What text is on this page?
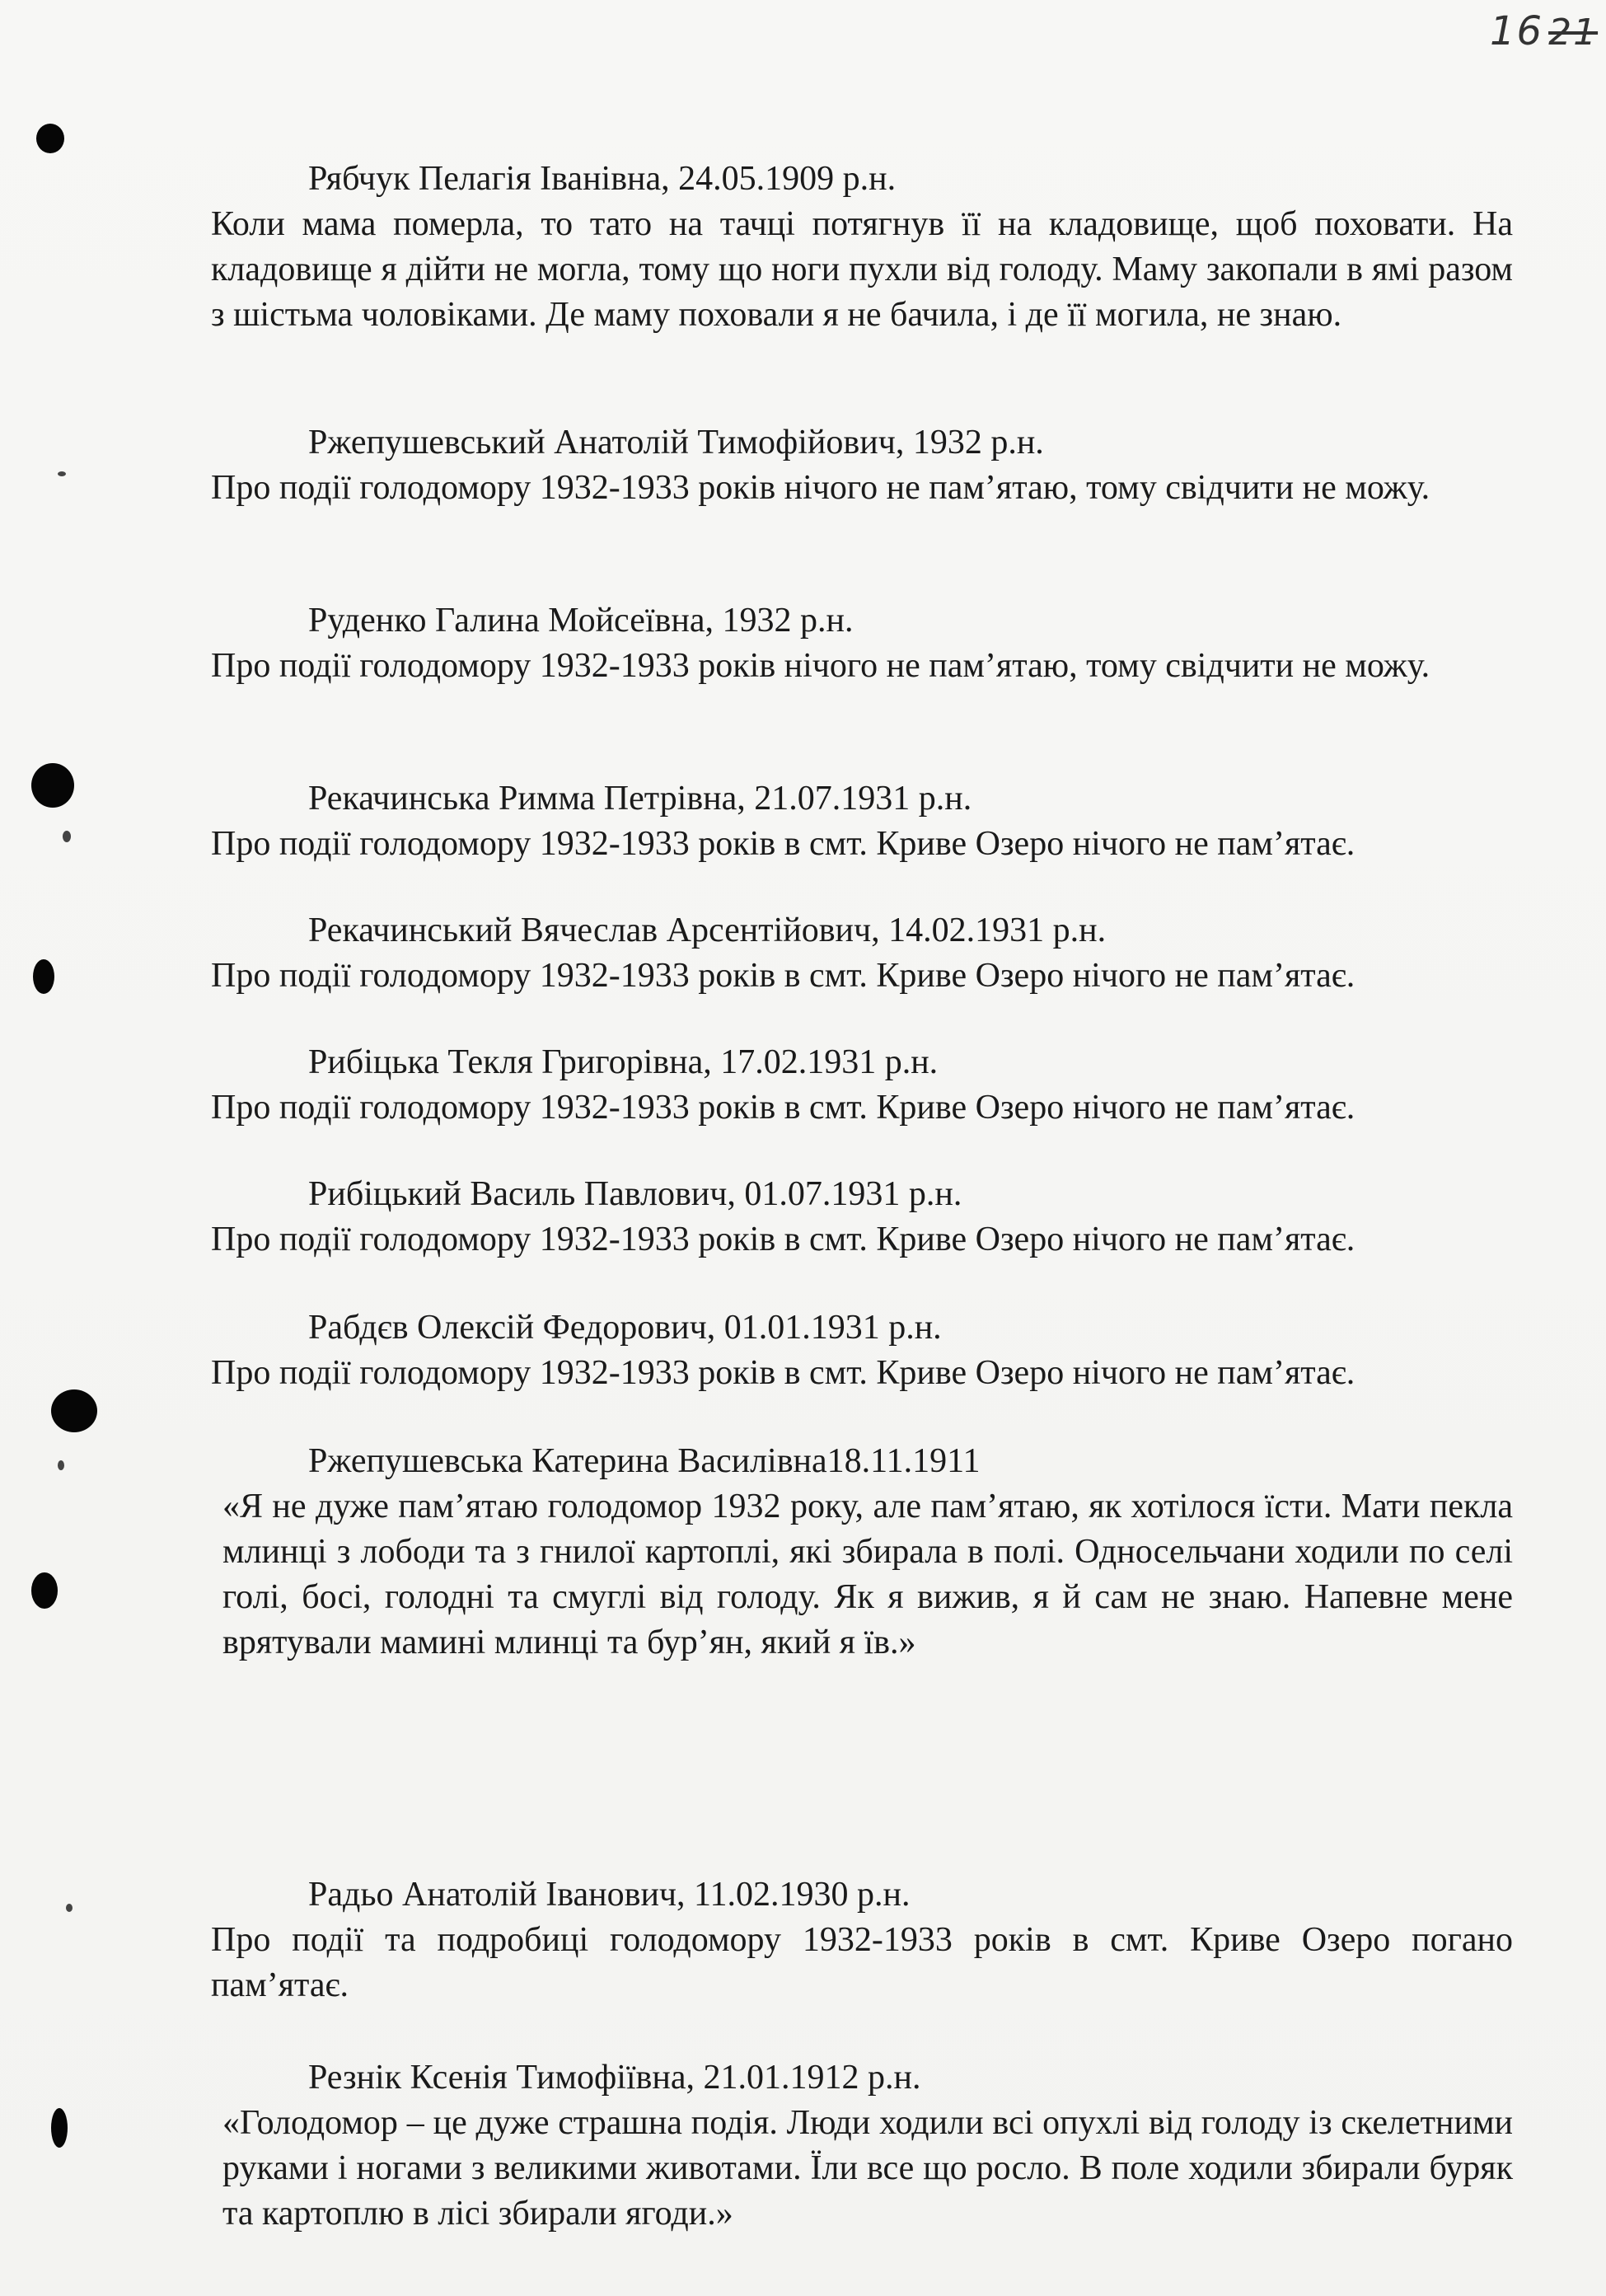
16 21
Рябчук Пелагія Іванівна, 24.05.1909 р.н.
Коли мама померла, то тато на тачці потягнув її на кладовище, щоб поховати. На кладовище я дійти не могла, тому що ноги пухли від голоду. Маму закопали в ямі разом з шістьма чоловіками. Де маму поховали я не бачила, і де її могила, не знаю.
Ржепушевський Анатолій Тимофійович, 1932 р.н.
Про події голодомору 1932-1933 років нічого не пам’ятаю, тому свідчити не можу.
Руденко Галина Мойсеївна, 1932 р.н.
Про події голодомору 1932-1933 років нічого не пам’ятаю, тому свідчити не можу.
Рекачинська Римма Петрівна, 21.07.1931 р.н.
Про події голодомору 1932-1933 років в смт. Криве Озеро нічого не пам’ятає.
Рекачинський Вячеслав Арсентійович, 14.02.1931 р.н.
Про події голодомору 1932-1933 років в смт. Криве Озеро нічого не пам’ятає.
Рибіцька Текля Григорівна, 17.02.1931 р.н.
Про події голодомору 1932-1933 років в смт. Криве Озеро нічого не пам’ятає.
Рибіцький Василь Павлович, 01.07.1931 р.н.
Про події голодомору 1932-1933 років в смт. Криве Озеро нічого не пам’ятає.
Рабдєв Олексій Федорович, 01.01.1931 р.н.
Про події голодомору 1932-1933 років в смт. Криве Озеро нічого не пам’ятає.
Ржепушевська Катерина Василівна18.11.1911
«Я не дуже пам’ятаю голодомор 1932 року, але пам’ятаю, як хотілося їсти. Мати пекла млинці з лободи та з гнилої картоплі, які збирала в полі. Односельчани ходили по селі голі, босі, голодні та смуглі від голоду. Як я вижив, я й сам не знаю. Напевне мене врятували мамині млинці та бур’ян, який я їв.»
Радьо Анатолій Іванович, 11.02.1930 р.н.
Про події та подробиці голодомору 1932-1933 років в смт. Криве Озеро погано пам’ятає.
Резнік Ксенія Тимофіївна, 21.01.1912 р.н.
«Голодомор – це дуже страшна подія. Люди ходили всі опухлі від голоду із скелетними руками і ногами з великими животами. Їли все що росло. В поле ходили збирали буряк та картоплю в лісі збирали ягоди.»
